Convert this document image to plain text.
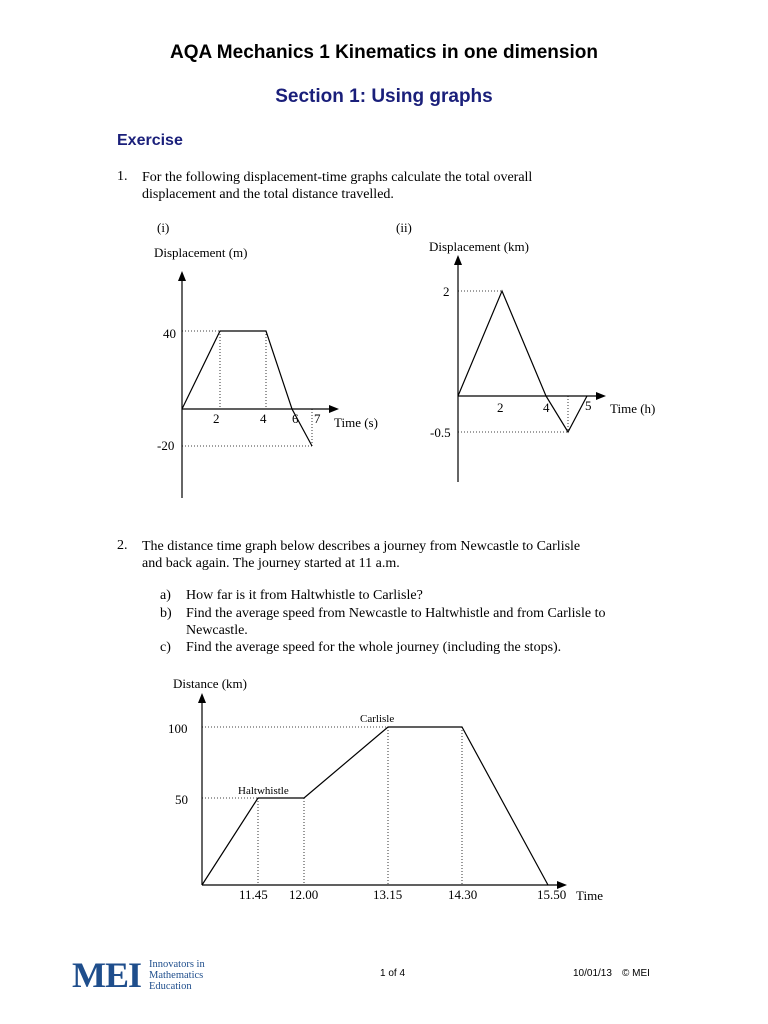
AQA Mechanics 1 Kinematics in one dimension
Section 1: Using graphs
Exercise
1. For the following displacement-time graphs calculate the total overall
displacement and the total distance travelled.
(i)
Displacement (m)
2	4 6 7 Time (s)
40
-20
(ii)
Displacement (km)
2	4	5 Time (h)
2
-0.5
2. The distance time graph below describes a journey from Newcastle to Carlisle
and back again. The journey started at 11 a.m.
a) How far is it from Haltwhistle to Carlisle?
b) Find the average speed from Newcastle to Haltwhistle and from Carlisle to
Newcastle.
c) Find the average speed for the whole journey (including the stops).
Distance (km)
Haltwhistle
Carlisle
100
50
11.45 12.00	13.15	14.30	15.50 Time
MEI Innovators in
Mathematics
Education
1 of 4	10/01/13 © MEI
